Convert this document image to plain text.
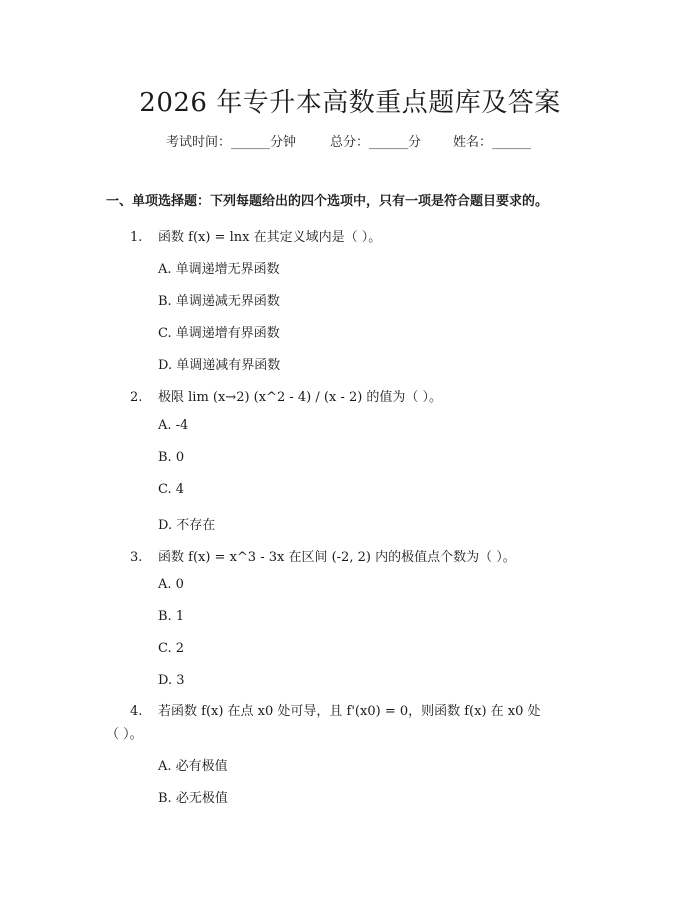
2026 年专升本高数重点题库及答案
考试时间：______分钟	总分：______分 姓名：______
一、单项选择题：下列每题给出的四个选项中，只有一项是符合题目要求的。
1. 函数 f(x) = lnx 在其定义域内是（ ）。
A. 单调递增无界函数
B. 单调递减无界函数
C. 单调递增有界函数
D. 单调递减有界函数
2. 极限 lim (x→2) (x^2 - 4) / (x - 2) 的值为（ ）。
A. -4
B. 0
C. 4
D. 不存在
3. 函数 f(x) = x^3 - 3x 在区间 (-2, 2) 内的极值点个数为（ ）。
A. 0
B. 1
C. 2
D. 3
4. 若函数 f(x) 在点 x0 处可导，且 f'(x0) = 0，则函数 f(x) 在 x0 处
（ ）。
A. 必有极值
B. 必无极值
